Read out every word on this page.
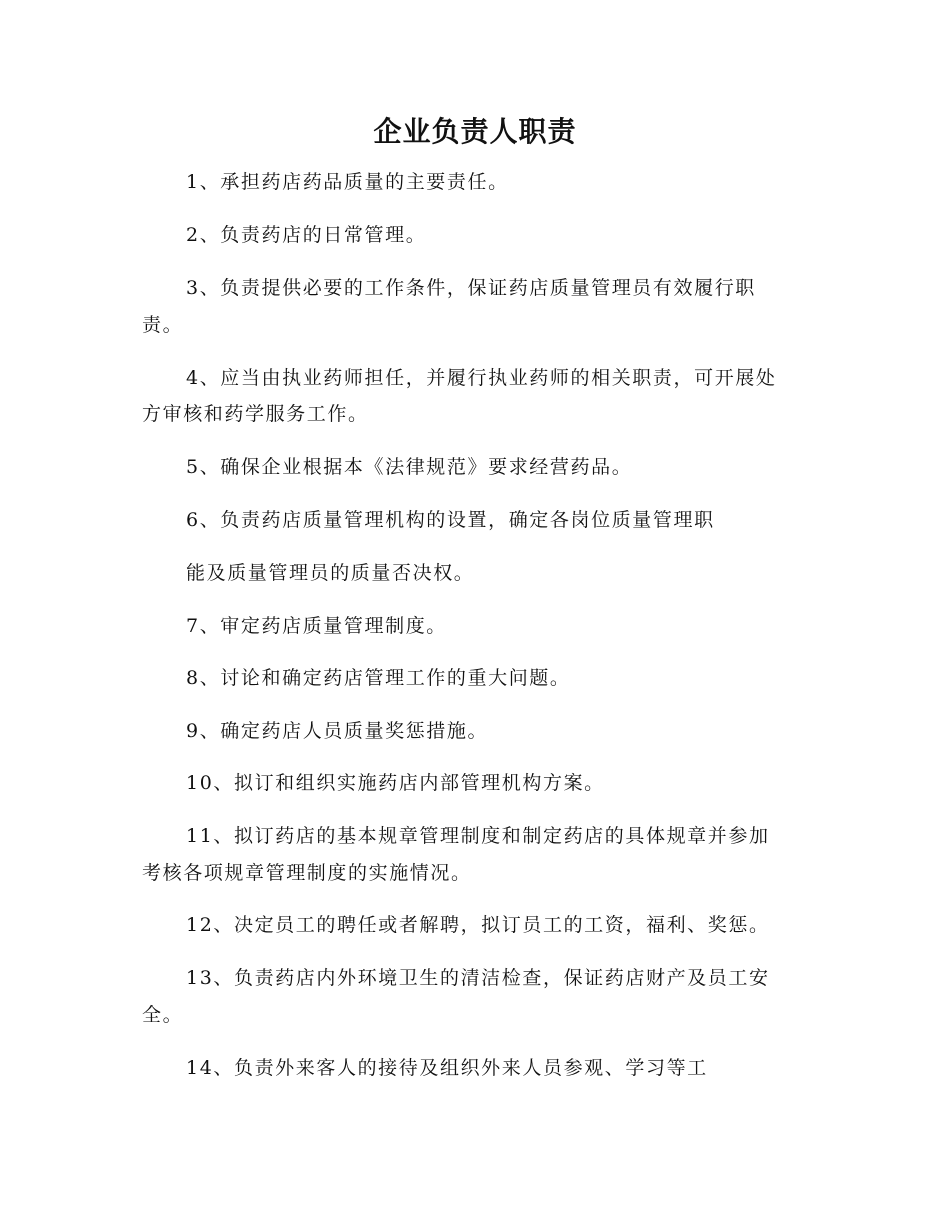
企业负责人职责
1、承担药店药品质量的主要责任。
2、负责药店的日常管理。
3、负责提供必要的工作条件，保证药店质量管理员有效履行职
责。
4、应当由执业药师担任，并履行执业药师的相关职责，可开展处
方审核和药学服务工作。
5、确保企业根据本《法律规范》要求经营药品。
6、负责药店质量管理机构的设置，确定各岗位质量管理职
能及质量管理员的质量否决权。
7、审定药店质量管理制度。
8、讨论和确定药店管理工作的重大问题。
9、确定药店人员质量奖惩措施。
10、拟订和组织实施药店内部管理机构方案。
11、拟订药店的基本规章管理制度和制定药店的具体规章并参加
考核各项规章管理制度的实施情况。
12、决定员工的聘任或者解聘，拟订员工的工资，福利、奖惩。
13、负责药店内外环境卫生的清洁检查，保证药店财产及员工安
全。
14、负责外来客人的接待及组织外来人员参观、学习等工
